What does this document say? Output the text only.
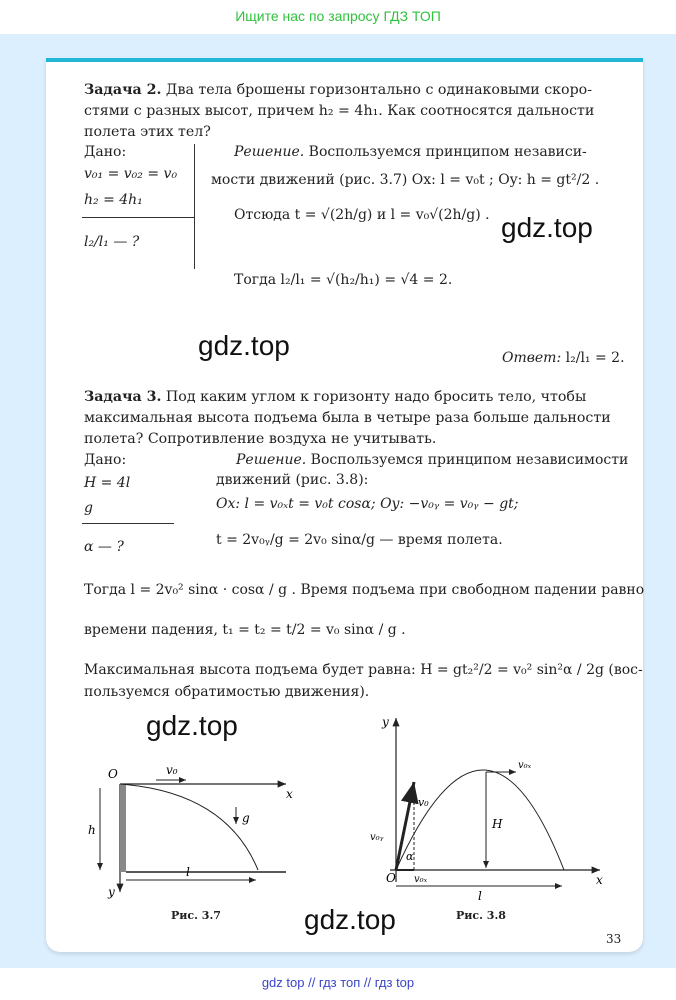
Ищите нас по запросу ГДЗ ТОП
Задача 2. Два тела брошены горизонтально с одинаковыми скоро-
стями с разных высот, причем h₂ = 4h₁. Как соотносятся дальности
полета этих тел?
Дано:
v₀₁ = v₀₂ = v₀
h₂ = 4h₁
l₂/l₁ — ?
Решение. Воспользуемся принципом независи-
мости движений (рис. 3.7) Ox: l = v₀t ; Oy: h = gt²/2 .
Отсюда t = √(2h/g) и l = v₀√(2h/g) .
Тогда l₂/l₁ = √(h₂/h₁) = √4 = 2.
gdz.top
gdz.top	Ответ: l₂/l₁ = 2.
Задача 3. Под каким углом к горизонту надо бросить тело, чтобы
максимальная высота подъема была в четыре раза больше дальности
полета? Сопротивление воздуха не учитывать.
Дано:
H = 4l
g
α — ?
Решение. Воспользуемся принципом независимости
движений (рис. 3.8):
Ox: l = v₀ₓt = v₀t cosα; Oy: −v₀ᵧ = v₀ᵧ − gt;
t = 2v₀ᵧ/g = 2v₀ sinα/g — время полета.
Тогда l = 2v₀² sinα · cosα / g . Время подъема при свободном падении равно
времени падения, t₁ = t₂ = t/2 = v₀ sinα / g .
Максимальная высота подъема будет равна: H = gt₂²/2 = v₀² sin²α / 2g (вос-
пользуемся обратимостью движения).
gdz.top
gdz.top
O
x
y
v₀
g
h
l
Рис. 3.7
O	x
y
v₀
v₀ᵧ
v₀ₓ
v₀ₓ
H
l
α
Рис. 3.8
33
gdz top // гдз топ // гдз top
